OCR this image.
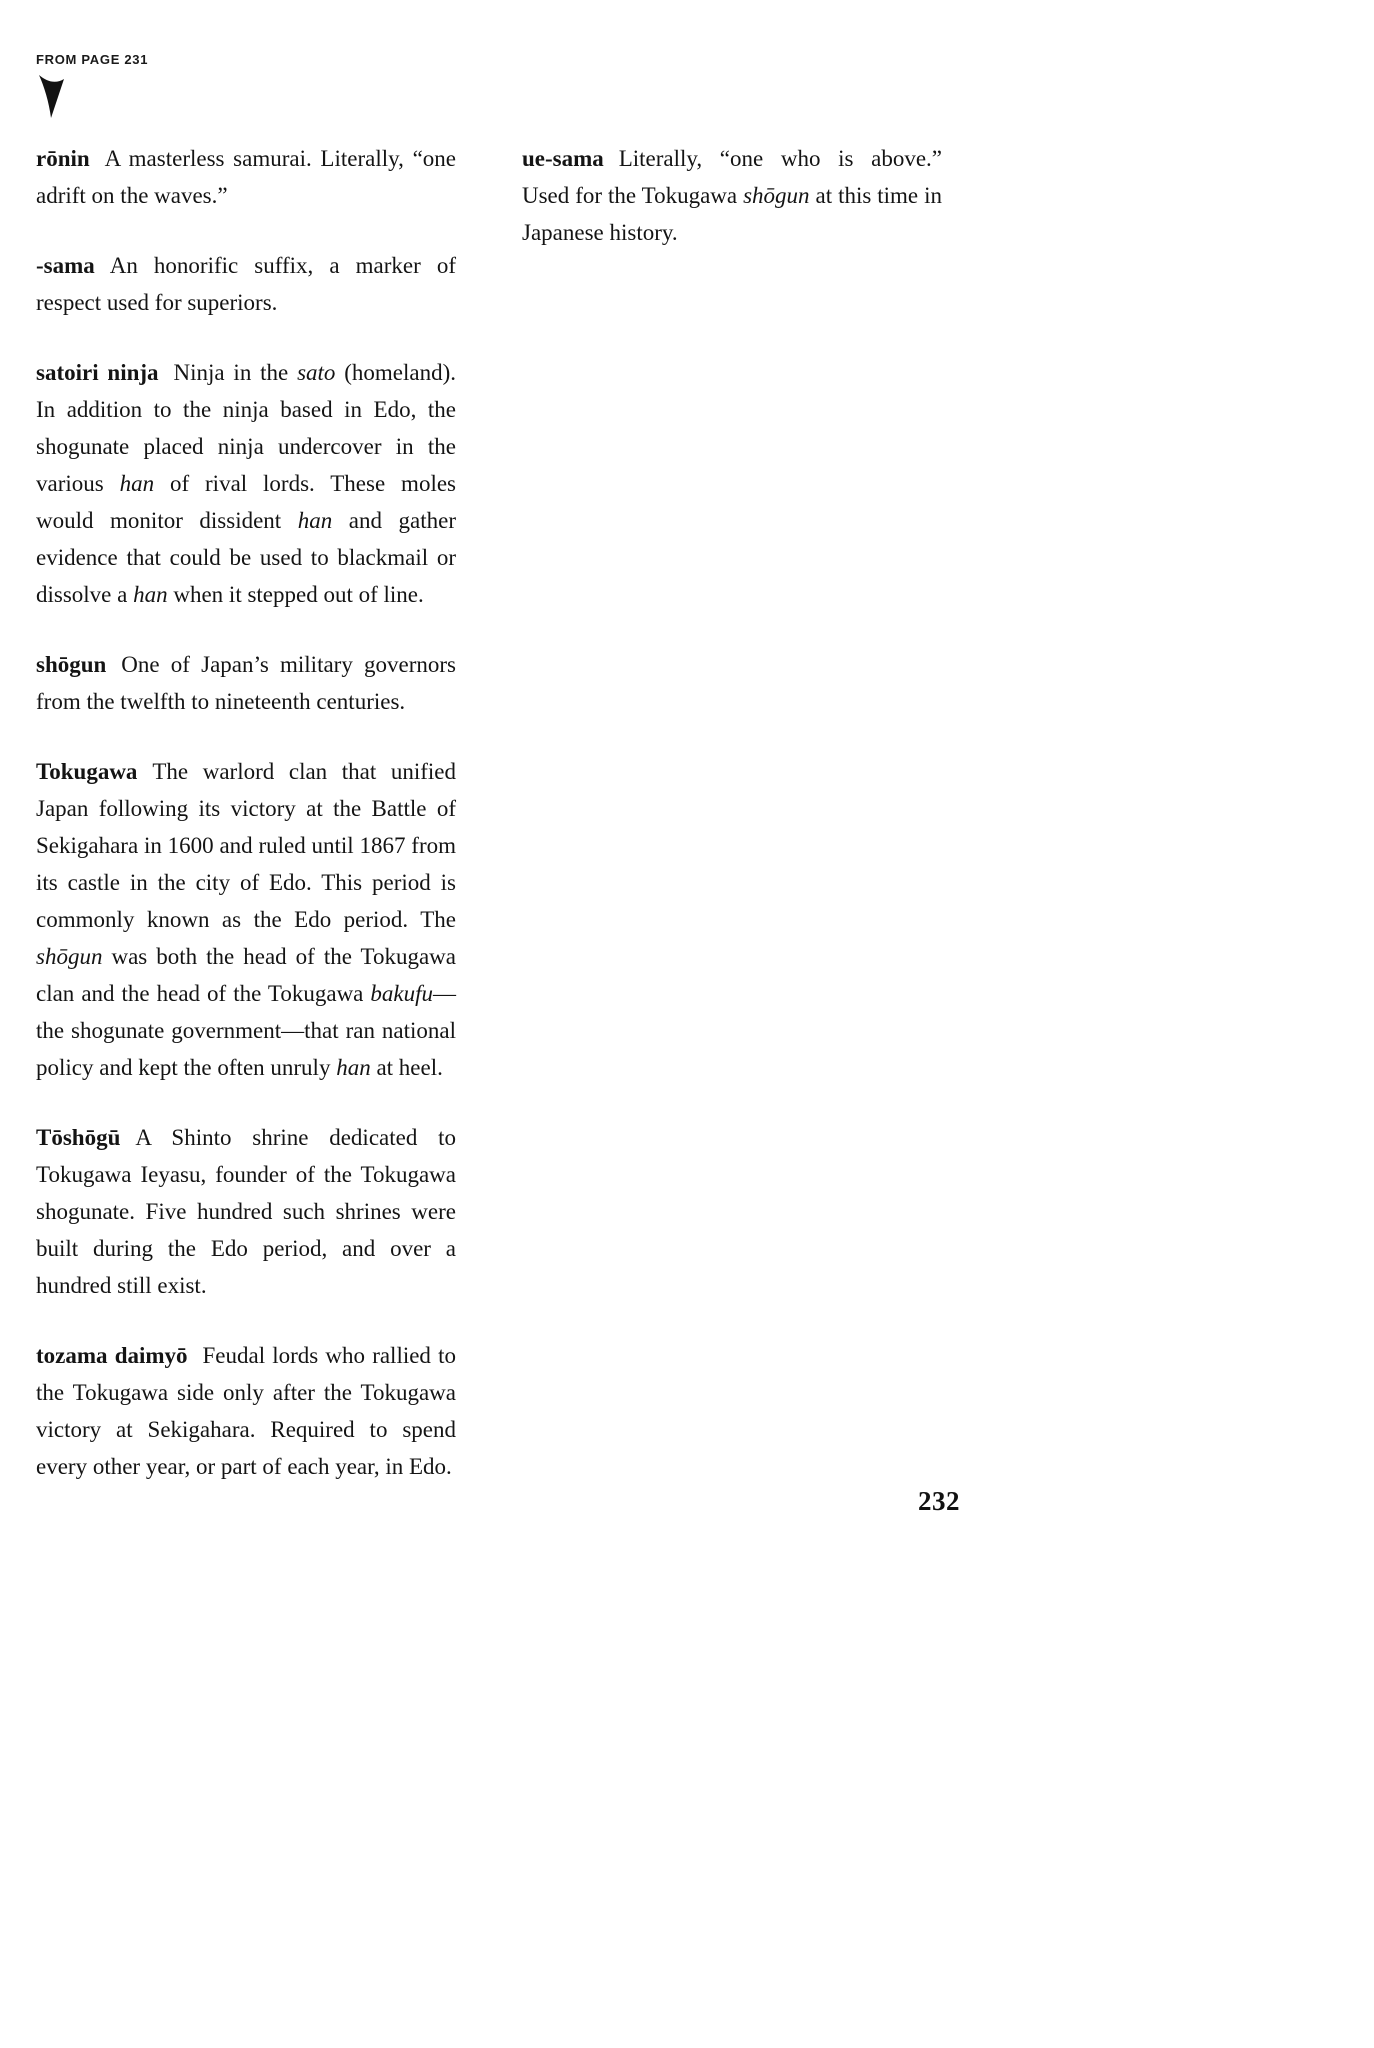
FROM PAGE 231

rōnin A masterless samurai. Literally, “one adrift on the waves.”

-sama An honorific suffix, a marker of respect used for superiors.

satoiri ninja Ninja in the sato (homeland). In addition to the ninja based in Edo, the shogunate placed ninja undercover in the various han of rival lords. These moles would monitor dissident han and gather evidence that could be used to blackmail or dissolve a han when it stepped out of line.

shōgun One of Japan’s military governors from the twelfth to nineteenth centuries.

Tokugawa The warlord clan that unified Japan following its victory at the Battle of Sekigahara in 1600 and ruled until 1867 from its castle in the city of Edo. This period is commonly known as the Edo period. The shōgun was both the head of the Tokugawa clan and the head of the Tokugawa bakufu—the shogunate government—that ran national policy and kept the often unruly han at heel.

Tōshōgū A Shinto shrine dedicated to Tokugawa Ieyasu, founder of the Tokugawa shogunate. Five hundred such shrines were built during the Edo period, and over a hundred still exist.

tozama daimyō Feudal lords who rallied to the Tokugawa side only after the Tokugawa victory at Sekigahara. Required to spend every other year, or part of each year, in Edo.

ue-sama Literally, “one who is above.” Used for the Tokugawa shōgun at this time in Japanese history.

232
